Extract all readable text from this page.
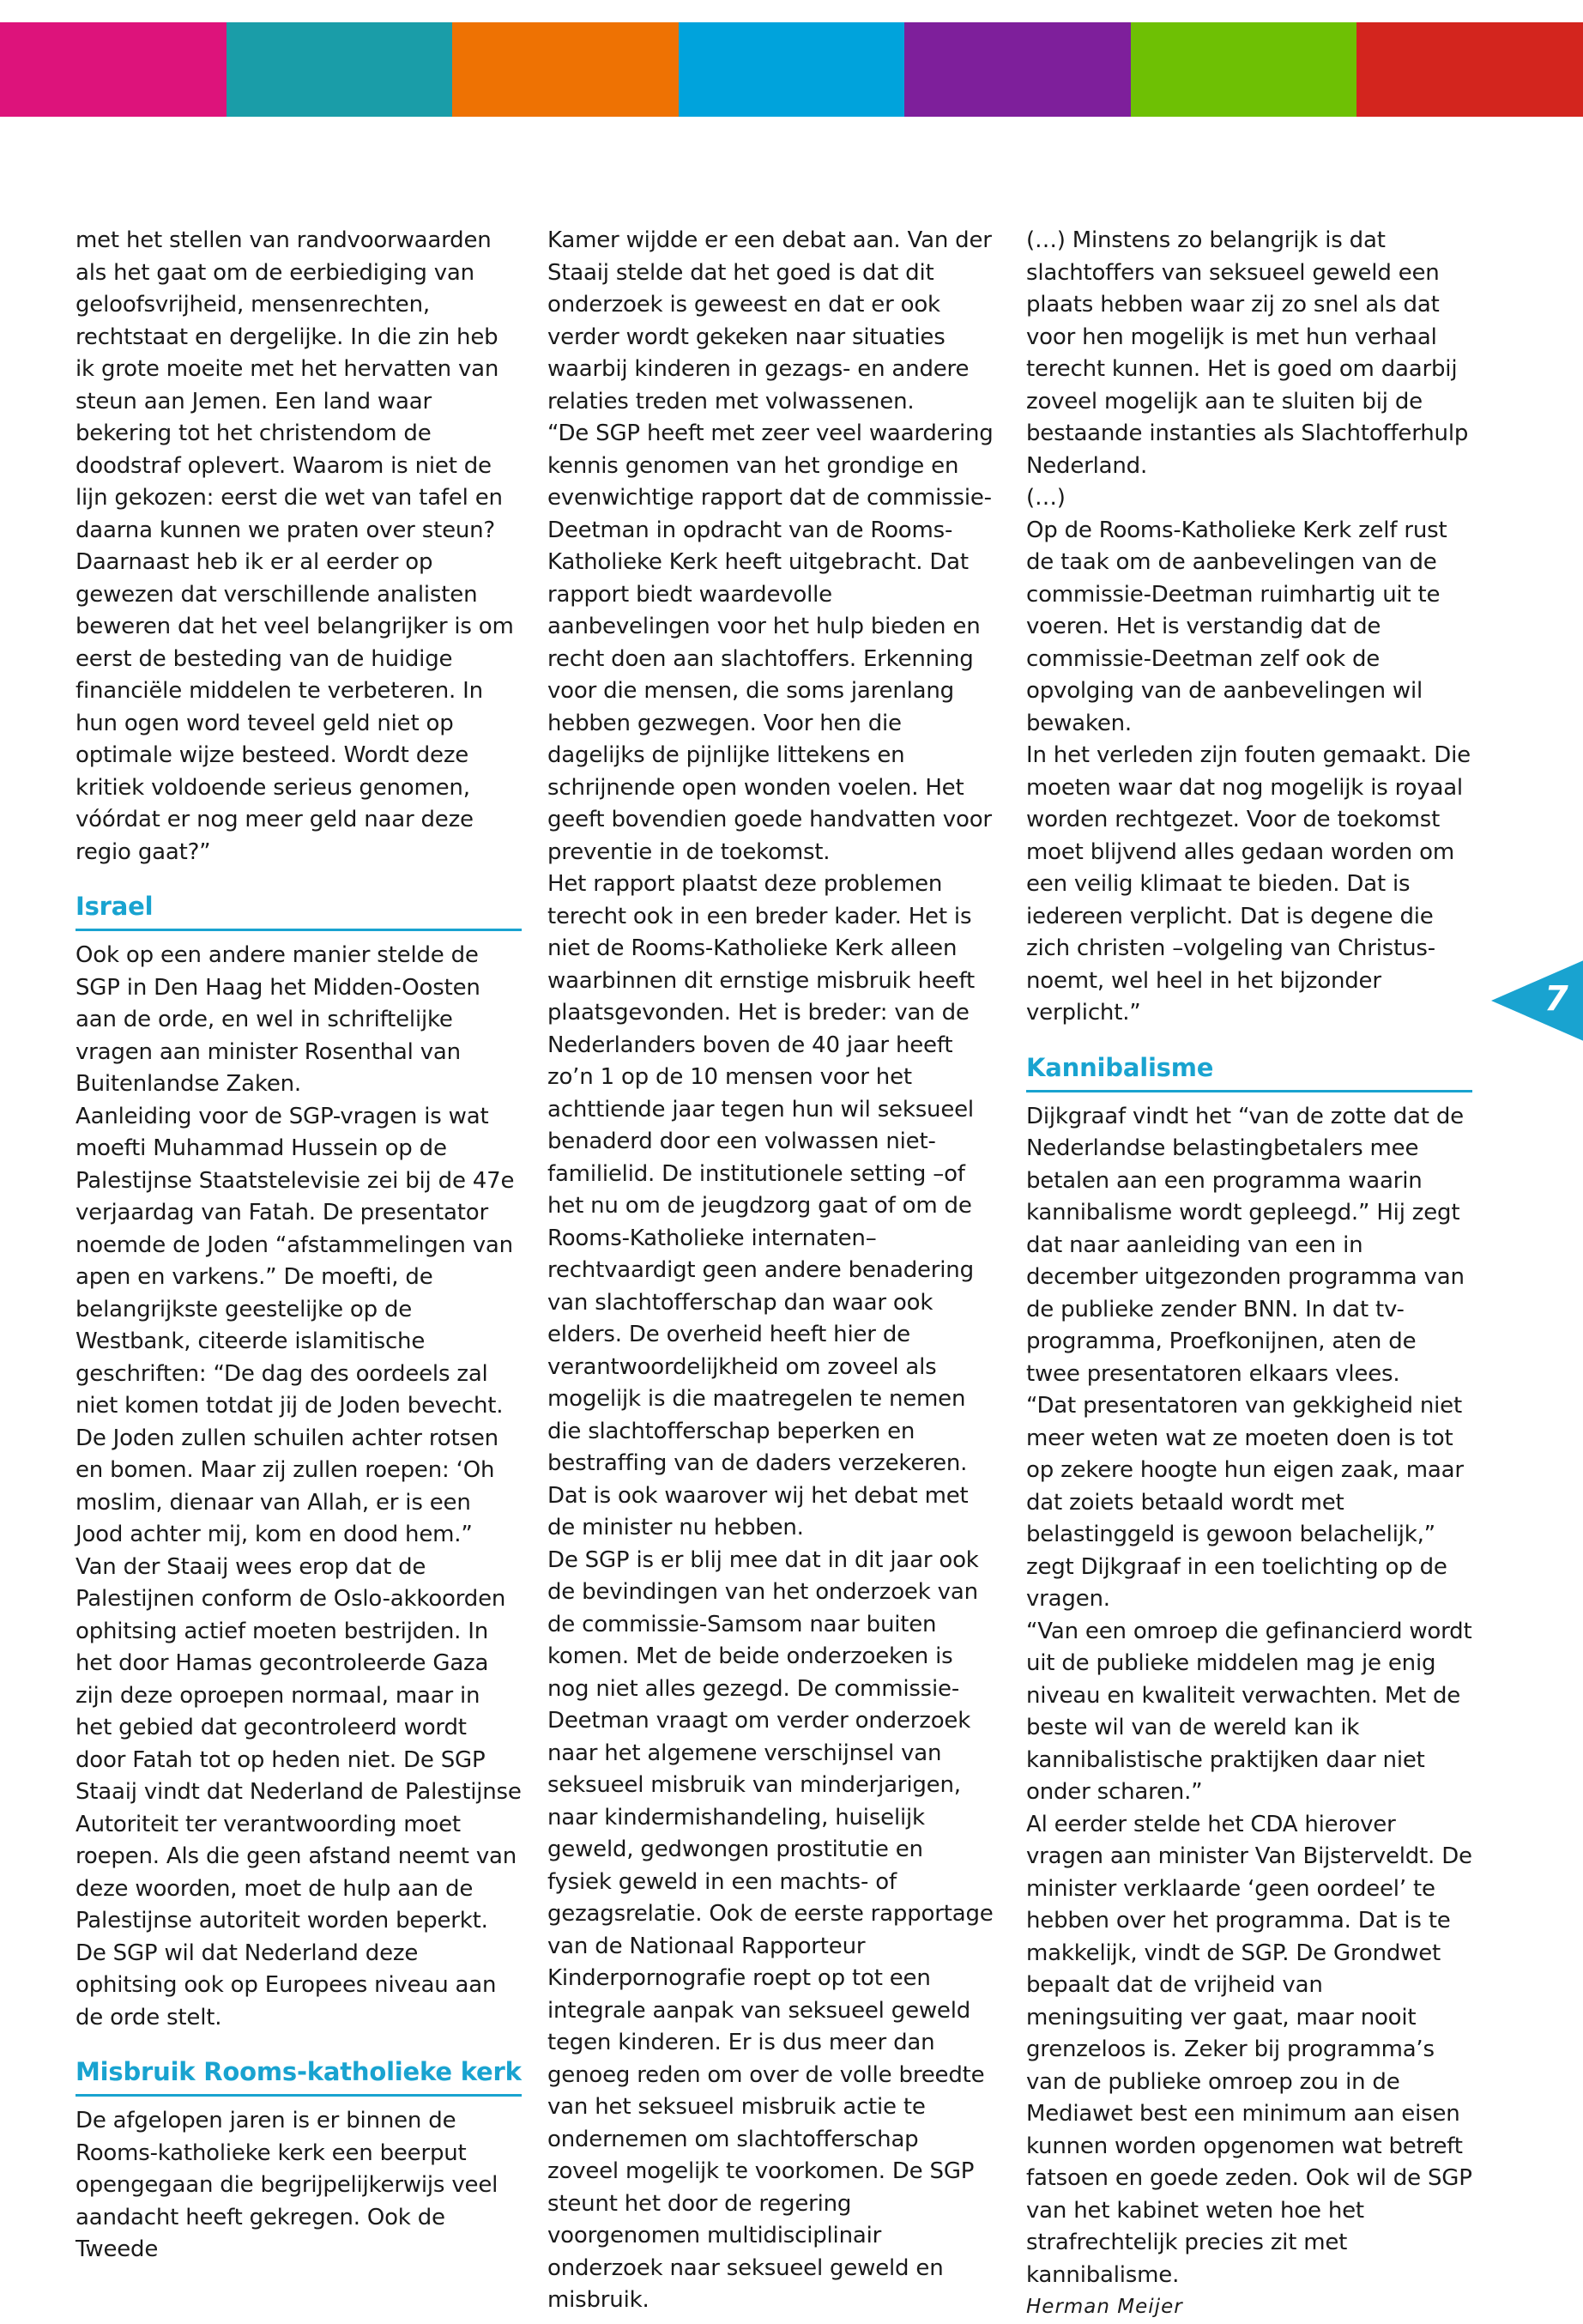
met het stellen van randvoorwaarden als het gaat om de eerbiediging van geloofsvrijheid, mensenrechten, rechtstaat en dergelijke. In die zin heb ik grote moeite met het hervatten van steun aan Jemen. Een land waar bekering tot het christendom de doodstraf oplevert. Waarom is niet de lijn gekozen: eerst die wet van tafel en daarna kunnen we praten over steun?

Daarnaast heb ik er al eerder op gewezen dat verschillende analisten beweren dat het veel belangrijker is om eerst de besteding van de huidige financiële middelen te verbeteren. In hun ogen word teveel geld niet op optimale wijze besteed. Wordt deze kritiek voldoende serieus genomen, vóórdat er nog meer geld naar deze regio gaat?”

Israel

Ook op een andere manier stelde de SGP in Den Haag het Midden-Oosten aan de orde, en wel in schriftelijke vragen aan minister Rosenthal van Buitenlandse Zaken.

Aanleiding voor de SGP-vragen is wat moefti Muhammad Hussein op de Palestijnse Staatstelevisie zei bij de 47e verjaardag van Fatah. De presentator noemde de Joden “afstammelingen van apen en varkens.” De moefti, de belangrijkste geestelijke op de Westbank, citeerde islamitische geschriften: “De dag des oordeels zal niet komen totdat jij de Joden bevecht. De Joden zullen schuilen achter rotsen en bomen. Maar zij zullen roepen: ‘Oh moslim, dienaar van Allah, er is een Jood achter mij, kom en dood hem.”

Van der Staaij wees erop dat de Palestijnen conform de Oslo-akkoorden ophitsing actief moeten bestrijden. In het door Hamas gecontroleerde Gaza zijn deze oproepen normaal, maar in het gebied dat gecontroleerd wordt door Fatah tot op heden niet. De SGP Staaij vindt dat Nederland de Palestijnse Autoriteit ter verantwoording moet roepen. Als die geen afstand neemt van deze woorden, moet de hulp aan de Palestijnse autoriteit worden beperkt. De SGP wil dat Nederland deze ophitsing ook op Europees niveau aan de orde stelt.

Misbruik Rooms-katholieke kerk

De afgelopen jaren is er binnen de Rooms-katholieke kerk een beerput opengegaan die begrijpelijkerwijs veel aandacht heeft gekregen. Ook de Tweede

Kamer wijdde er een debat aan. Van der Staaij stelde dat het goed is dat dit onderzoek is geweest en dat er ook verder wordt gekeken naar situaties waarbij kinderen in gezags- en andere relaties treden met volwassenen.

“De SGP heeft met zeer veel waardering kennis genomen van het grondige en evenwichtige rapport dat de commissie-Deetman in opdracht van de Rooms-Katholieke Kerk heeft uitgebracht. Dat rapport biedt waardevolle aanbevelingen voor het hulp bieden en recht doen aan slachtoffers. Erkenning voor die mensen, die soms jarenlang hebben gezwegen. Voor hen die dagelijks de pijnlijke littekens en schrijnende open wonden voelen. Het geeft bovendien goede handvatten voor preventie in de toekomst.

Het rapport plaatst deze problemen terecht ook in een breder kader. Het is niet de Rooms-Katholieke Kerk alleen waarbinnen dit ernstige misbruik heeft plaatsgevonden. Het is breder: van de Nederlanders boven de 40 jaar heeft zo’n 1 op de 10 mensen voor het achttiende jaar tegen hun wil seksueel benaderd door een volwassen niet-familielid. De institutionele setting –of het nu om de jeugdzorg gaat of om de Rooms-Katholieke internaten– rechtvaardigt geen andere benadering van slachtofferschap dan waar ook elders. De overheid heeft hier de verantwoordelijkheid om zoveel als mogelijk is die maatregelen te nemen die slachtofferschap beperken en bestraffing van de daders verzekeren. Dat is ook waarover wij het debat met de minister nu hebben.

De SGP is er blij mee dat in dit jaar ook de bevindingen van het onderzoek van de commissie-Samsom naar buiten komen. Met de beide onderzoeken is nog niet alles gezegd. De commissie-Deetman vraagt om verder onderzoek naar het algemene verschijnsel van seksueel misbruik van minderjarigen, naar kindermishandeling, huiselijk geweld, gedwongen prostitutie en fysiek geweld in een machts- of gezagsrelatie. Ook de eerste rapportage van de Nationaal Rapporteur Kinderpornografie roept op tot een integrale aanpak van seksueel geweld tegen kinderen. Er is dus meer dan genoeg reden om over de volle breedte van het seksueel misbruik actie te ondernemen om slachtofferschap zoveel mogelijk te voorkomen. De SGP steunt het door de regering voorgenomen multidisciplinair onderzoek naar seksueel geweld en misbruik.

(…) Minstens zo belangrijk is dat slachtoffers van seksueel geweld een plaats hebben waar zij zo snel als dat voor hen mogelijk is met hun verhaal terecht kunnen. Het is goed om daarbij zoveel mogelijk aan te sluiten bij de bestaande instanties als Slachtofferhulp Nederland.

(…)

Op de Rooms-Katholieke Kerk zelf rust de taak om de aanbevelingen van de commissie-Deetman ruimhartig uit te voeren. Het is verstandig dat de commissie-Deetman zelf ook de opvolging van de aanbevelingen wil bewaken.

In het verleden zijn fouten gemaakt. Die moeten waar dat nog mogelijk is royaal worden rechtgezet. Voor de toekomst moet blijvend alles gedaan worden om een veilig klimaat te bieden. Dat is iedereen verplicht. Dat is degene die zich christen –volgeling van Christus- noemt, wel heel in het bijzonder verplicht.”

Kannibalisme

Dijkgraaf vindt het “van de zotte dat de Nederlandse belastingbetalers mee betalen aan een programma waarin kannibalisme wordt gepleegd.” Hij zegt dat naar aanleiding van een in december uitgezonden programma van de publieke zender BNN. In dat tv-programma, Proefkonijnen, aten de twee presentatoren elkaars vlees.

“Dat presentatoren van gekkigheid niet meer weten wat ze moeten doen is tot op zekere hoogte hun eigen zaak, maar dat zoiets betaald wordt met belastinggeld is gewoon belachelijk,” zegt Dijkgraaf in een toelichting op de vragen.

“Van een omroep die gefinancierd wordt uit de publieke middelen mag je enig niveau en kwaliteit verwachten. Met de beste wil van de wereld kan ik kannibalistische praktijken daar niet onder scharen.”

Al eerder stelde het CDA hierover vragen aan minister Van Bijsterveldt. De minister verklaarde ‘geen oordeel’ te hebben over het programma. Dat is te makkelijk, vindt de SGP. De Grondwet bepaalt dat de vrijheid van meningsuiting ver gaat, maar nooit grenzeloos is. Zeker bij programma’s van de publieke omroep zou in de Mediawet best een minimum aan eisen kunnen worden opgenomen wat betreft fatsoen en goede zeden. Ook wil de SGP van het kabinet weten hoe het strafrechtelijk precies zit met kannibalisme.

Herman Meijer

7
